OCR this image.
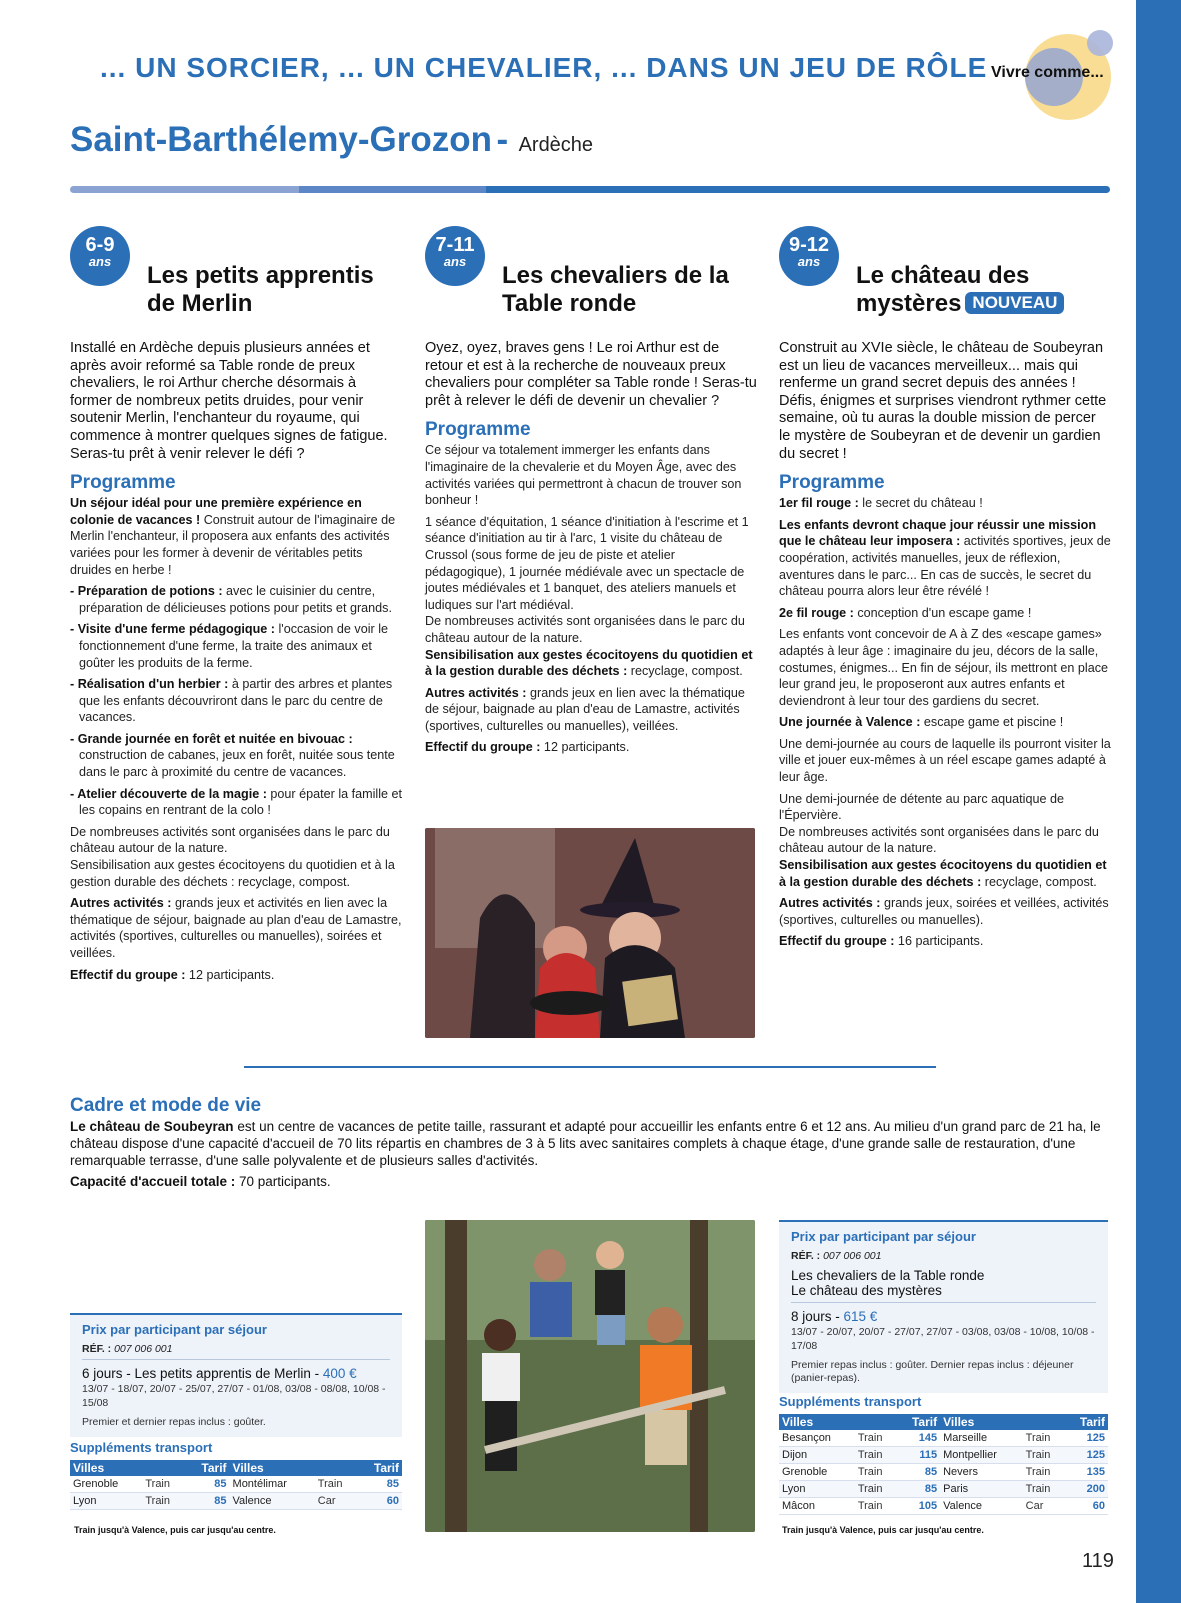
... UN SORCIER, ... UN CHEVALIER, ... DANS UN JEU DE RÔLE Vivre comme...
Saint-Barthélemy-Grozon - Ardèche
6-9
ans
Les petits apprentis de Merlin

Installé en Ardèche depuis plusieurs années et après avoir reformé sa Table ronde de preux chevaliers, le roi Arthur cherche désormais à former de nombreux petits druides, pour venir soutenir Merlin, l'enchanteur du royaume, qui commence à montrer quelques signes de fatigue. Seras-tu prêt à venir relever le défi ?

Programme

Un séjour idéal pour une première expérience en colonie de vacances ! Construit autour de l'imaginaire de Merlin l'enchanteur, il proposera aux enfants des activités variées pour les former à devenir de véritables petits druides en herbe !

- Préparation de potions : avec le cuisinier du centre, préparation de délicieuses potions pour petits et grands.

- Visite d'une ferme pédagogique : l'occasion de voir le fonctionnement d'une ferme, la traite des animaux et goûter les produits de la ferme.

- Réalisation d'un herbier : à partir des arbres et plantes que les enfants découvriront dans le parc du centre de vacances.

- Grande journée en forêt et nuitée en bivouac : construction de cabanes, jeux en forêt, nuitée sous tente dans le parc à proximité du centre de vacances.

- Atelier découverte de la magie : pour épater la famille et les copains en rentrant de la colo !

De nombreuses activités sont organisées dans le parc du château autour de la nature.

Sensibilisation aux gestes écocitoyens du quotidien et à la gestion durable des déchets : recyclage, compost.

Autres activités : grands jeux et activités en lien avec la thématique de séjour, baignade au plan d'eau de Lamastre, activités (sportives, culturelles ou manuelles), soirées et veillées.

Effectif du groupe : 12 participants.

7-11
ans
Les chevaliers de la Table ronde

Oyez, oyez, braves gens ! Le roi Arthur est de retour et est à la recherche de nouveaux preux chevaliers pour compléter sa Table ronde ! Seras-tu prêt à relever le défi de devenir un chevalier ?

Programme

Ce séjour va totalement immerger les enfants dans l'imaginaire de la chevalerie et du Moyen Âge, avec des activités variées qui permettront à chacun de trouver son bonheur !

1 séance d'équitation, 1 séance d'initiation à l'escrime et 1 séance d'initiation au tir à l'arc, 1 visite du château de Crussol (sous forme de jeu de piste et atelier pédagogique), 1 journée médiévale avec un spectacle de joutes médiévales et 1 banquet, des ateliers manuels et ludiques sur l'art médiéval.

De nombreuses activités sont organisées dans le parc du château autour de la nature.

Sensibilisation aux gestes écocitoyens du quotidien et à la gestion durable des déchets : recyclage, compost.

Autres activités : grands jeux en lien avec la thématique de séjour, baignade au plan d'eau de Lamastre, activités (sportives, culturelles ou manuelles), veillées.

Effectif du groupe : 12 participants.

9-12
ans
Le château des mystères NOUVEAU

Construit au XVIe siècle, le château de Soubeyran est un lieu de vacances merveilleux... mais qui renferme un grand secret depuis des années !

Défis, énigmes et surprises viendront rythmer cette semaine, où tu auras la double mission de percer le mystère de Soubeyran et de devenir un gardien du secret !

Programme

1er fil rouge : le secret du château !

Les enfants devront chaque jour réussir une mission que le château leur imposera : activités sportives, jeux de coopération, activités manuelles, jeux de réflexion, aventures dans le parc... En cas de succès, le secret du château pourra alors leur être révélé !

2e fil rouge : conception d'un escape game !

Les enfants vont concevoir de A à Z des «escape games» adaptés à leur âge : imaginaire du jeu, décors de la salle, costumes, énigmes... En fin de séjour, ils mettront en place leur grand jeu, le proposeront aux autres enfants et deviendront à leur tour des gardiens du secret.

Une journée à Valence : escape game et piscine !

Une demi-journée au cours de laquelle ils pourront visiter la ville et jouer eux-mêmes à un réel escape games adapté à leur âge.

Une demi-journée de détente au parc aquatique de l'Épervière.

De nombreuses activités sont organisées dans le parc du château autour de la nature.

Sensibilisation aux gestes écocitoyens du quotidien et à la gestion durable des déchets : recyclage, compost.

Autres activités : grands jeux, soirées et veillées, activités (sportives, culturelles ou manuelles).

Effectif du groupe : 16 participants.

Cadre et mode de vie

Le château de Soubeyran est un centre de vacances de petite taille, rassurant et adapté pour accueillir les enfants entre 6 et 12 ans. Au milieu d'un grand parc de 21 ha, le château dispose d'une capacité d'accueil de 70 lits répartis en chambres de 3 à 5 lits avec sanitaires complets à chaque étage, d'une grande salle de restauration, d'une remarquable terrasse, d'une salle polyvalente et de plusieurs salles d'activités.

Capacité d'accueil totale : 70 participants.

Prix par participant par séjour
RÉF. : 007 006 001
6 jours - Les petits apprentis de Merlin - 400 €
13/07 - 18/07, 20/07 - 25/07, 27/07 - 01/08, 03/08 - 08/08, 10/08 - 15/08
Premier et dernier repas inclus : goûter.
Suppléments transport
Villes		Tarif	Villes		Tarif
Grenoble	Train	85	Montélimar	Train	85
Lyon	Train	85	Valence	Car	60
Train jusqu'à Valence, puis car jusqu'au centre.
Prix par participant par séjour
RÉF. : 007 006 001
Les chevaliers de la Table ronde
Le château des mystères
8 jours - 615 €
13/07 - 20/07, 20/07 - 27/07, 27/07 - 03/08, 03/08 - 10/08, 10/08 - 17/08
Premier repas inclus : goûter. Dernier repas inclus : déjeuner (panier-repas).
Suppléments transport
Villes		Tarif	Villes		Tarif
Besançon	Train	145	Marseille	Train	125
Dijon	Train	115	Montpellier	Train	125
Grenoble	Train	85	Nevers	Train	135
Lyon	Train	85	Paris	Train	200
Mâcon	Train	105	Valence	Car	60
Train jusqu'à Valence, puis car jusqu'au centre.
119
